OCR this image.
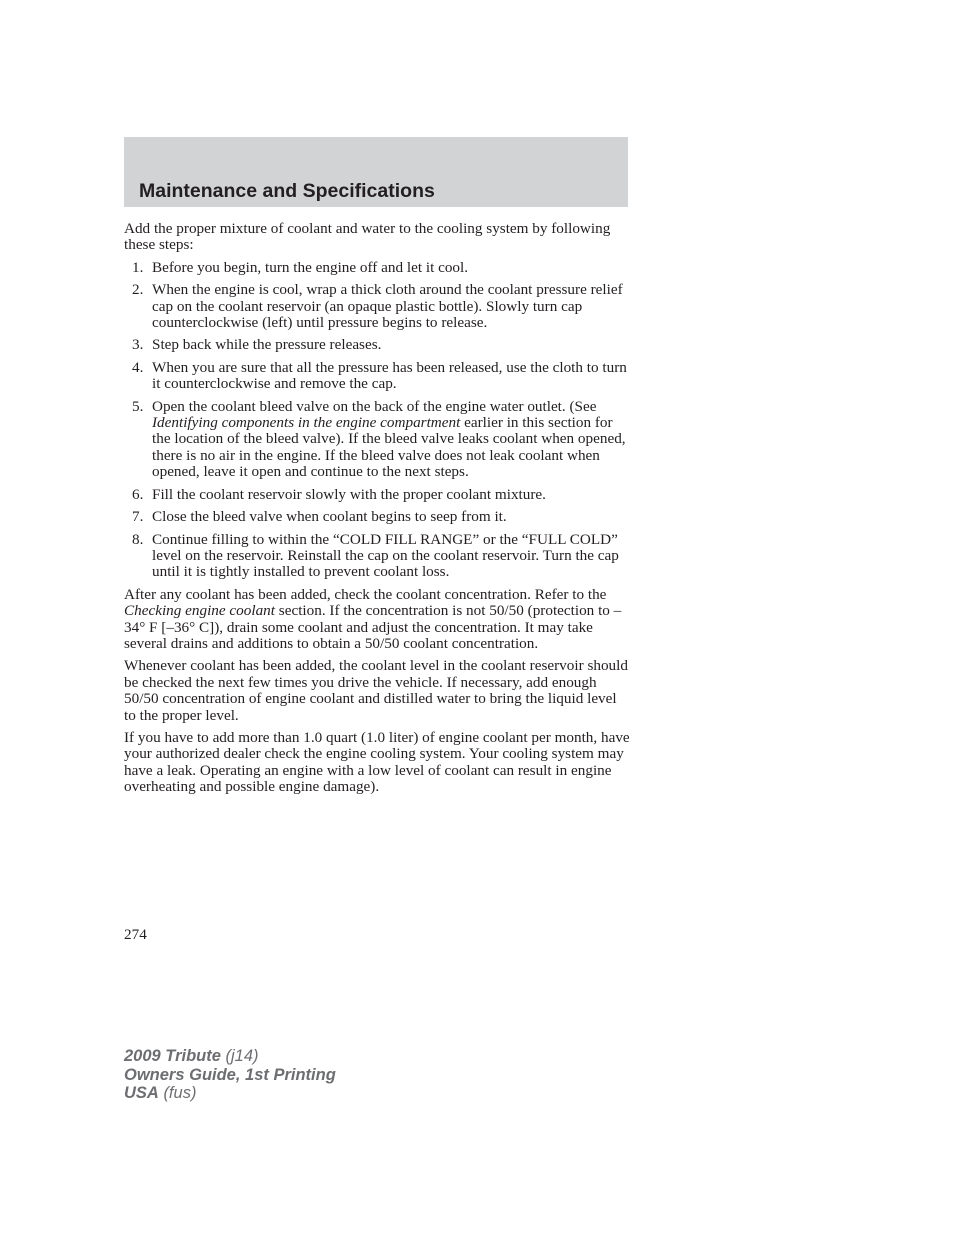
Maintenance and Specifications

Add the proper mixture of coolant and water to the cooling system by following these steps:

1. Before you begin, turn the engine off and let it cool.
2. When the engine is cool, wrap a thick cloth around the coolant pressure relief cap on the coolant reservoir (an opaque plastic bottle). Slowly turn cap counterclockwise (left) until pressure begins to release.
3. Step back while the pressure releases.
4. When you are sure that all the pressure has been released, use the cloth to turn it counterclockwise and remove the cap.
5. Open the coolant bleed valve on the back of the engine water outlet. (See Identifying components in the engine compartment earlier in this section for the location of the bleed valve). If the bleed valve leaks coolant when opened, there is no air in the engine. If the bleed valve does not leak coolant when opened, leave it open and continue to the next steps.
6. Fill the coolant reservoir slowly with the proper coolant mixture.
7. Close the bleed valve when coolant begins to seep from it.
8. Continue filling to within the “COLD FILL RANGE” or the “FULL COLD” level on the reservoir. Reinstall the cap on the coolant reservoir. Turn the cap until it is tightly installed to prevent coolant loss.

After any coolant has been added, check the coolant concentration. Refer to the Checking engine coolant section. If the concentration is not 50/50 (protection to –34° F [–36° C]), drain some coolant and adjust the concentration. It may take several drains and additions to obtain a 50/50 coolant concentration.

Whenever coolant has been added, the coolant level in the coolant reservoir should be checked the next few times you drive the vehicle. If necessary, add enough 50/50 concentration of engine coolant and distilled water to bring the liquid level to the proper level.

If you have to add more than 1.0 quart (1.0 liter) of engine coolant per month, have your authorized dealer check the engine cooling system. Your cooling system may have a leak. Operating an engine with a low level of coolant can result in engine overheating and possible engine damage).

274
2009 Tribute (j14)
Owners Guide, 1st Printing
USA (fus)
